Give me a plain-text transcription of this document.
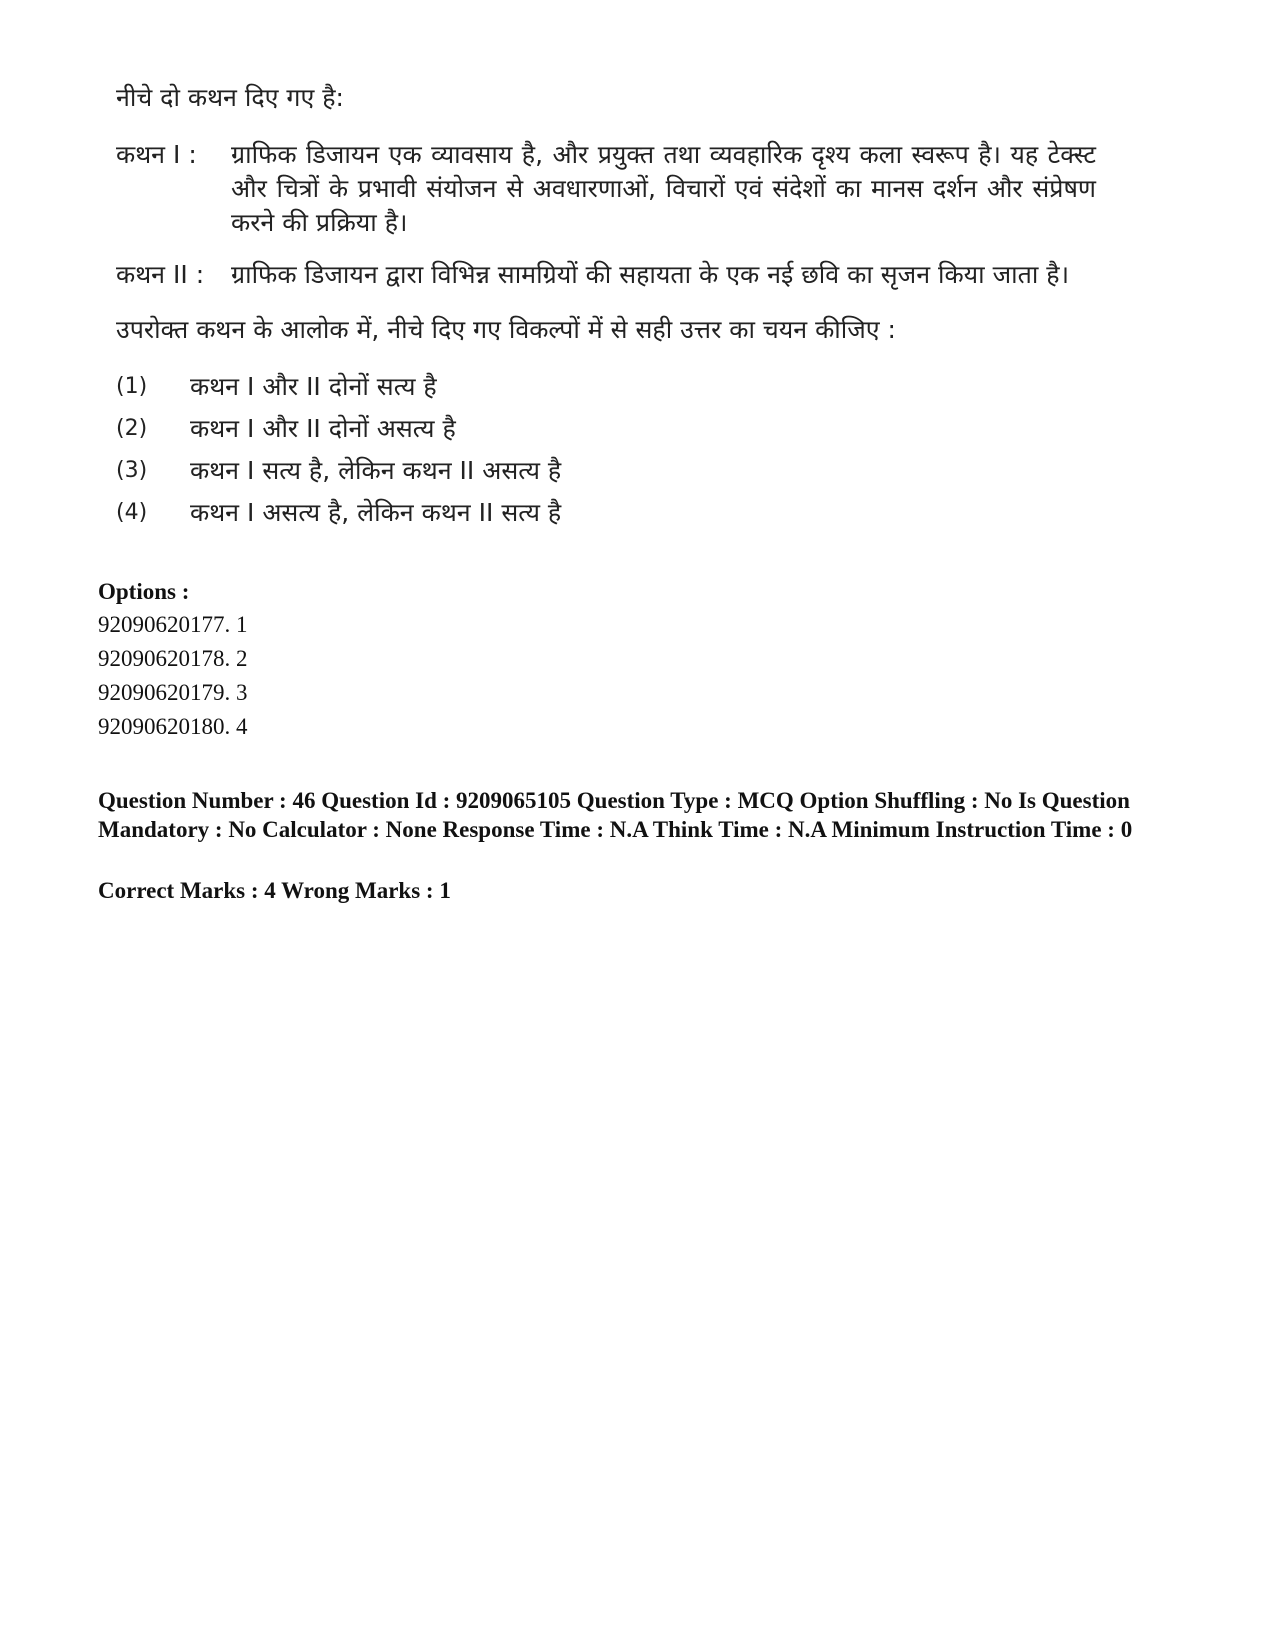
नीचे दो कथन दिए गए है:

कथन I :	ग्राफिक डिजायन एक व्यावसाय है, और प्रयुक्त तथा व्यवहारिक दृश्य कला स्वरूप है। यह टेक्स्ट और चित्रों के प्रभावी संयोजन से अवधारणाओं, विचारों एवं संदेशों का मानस दर्शन और संप्रेषण करने की प्रक्रिया है।
कथन II :	ग्राफिक डिजायन द्वारा विभिन्न सामग्रियों की सहायता के एक नई छवि का सृजन किया जाता है।

उपरोक्त कथन के आलोक में, नीचे दिए गए विकल्पों में से सही उत्तर का चयन कीजिए :

(1)	कथन I और II दोनों सत्य है
(2)	कथन I और II दोनों असत्य है
(3)	कथन I सत्य है, लेकिन कथन II असत्य है
(4)	कथन I असत्य है, लेकिन कथन II सत्य है
Options :
92090620177. 1
92090620178. 2
92090620179. 3
92090620180. 4
Question Number : 46 Question Id : 9209065105 Question Type : MCQ Option Shuffling : No Is Question Mandatory : No Calculator : None Response Time : N.A Think Time : N.A Minimum Instruction Time : 0
Correct Marks : 4 Wrong Marks : 1
